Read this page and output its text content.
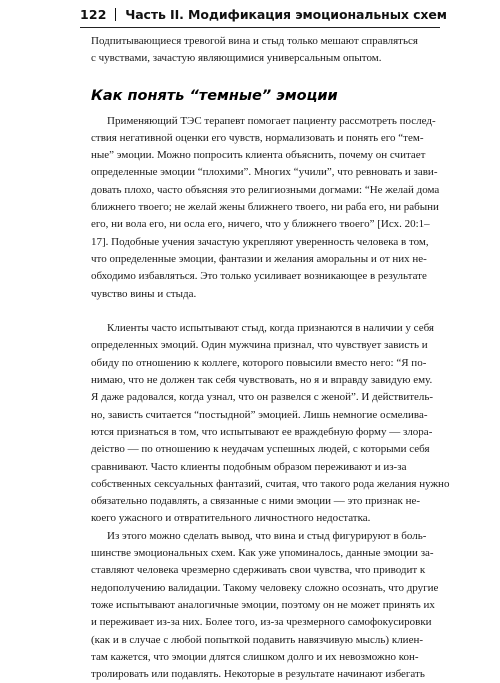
122 Часть II. Модификация эмоциональных схем
Подпитывающиеся тревогой вина и стыд только мешают справляться
с чувствами, зачастую являющимися универсальным опытом.
Как понять “темные” эмоции
Применяющий ТЭС терапевт помогает пациенту рассмотреть послед-
ствия негативной оценки его чувств, нормализовать и понять его “тем-
ные” эмоции. Можно попросить клиента объяснить, почему он считает
определенные эмоции “плохими”. Многих “учили”, что ревновать и зави-
довать плохо, часто объясняя это религиозными догмами: “Не желай дома
ближнего твоего; не желай жены ближнего твоего, ни раба его, ни рабыни
его, ни вола его, ни осла его, ничего, что у ближнего твоего” [Исх. 20:1–
17]. Подобные учения зачастую укрепляют уверенность человека в том,
что определенные эмоции, фантазии и желания аморальны и от них не-
обходимо избавляться. Это только усиливает возникающее в результате
чувство вины и стыда.
Клиенты часто испытывают стыд, когда признаются в наличии у себя
определенных эмоций. Один мужчина признал, что чувствует зависть и
обиду по отношению к коллеге, которого повысили вместо него: “Я по-
нимаю, что не должен так себя чувствовать, но я и вправду завидую ему.
Я даже радовался, когда узнал, что он развелся с женой”. И действитель-
но, зависть считается “постыдной” эмоцией. Лишь немногие осмелива-
ются признаться в том, что испытывают ее враждебную форму — злора-
дeiство — по отношению к неудачам успешных людей, с которыми себя
сравнивают. Часто клиенты подобным образом переживают и из-за
собственных сексуальных фантазий, считая, что такого рода желания нужно
обязательно подавлять, а связанные с ними эмоции — это признак не-
коего ужасного и отвратительного личностного недостатка.
Из этого можно сделать вывод, что вина и стыд фигурируют в боль-
шинстве эмоциональных схем. Как уже упоминалось, данные эмоции за-
ставляют человека чрезмерно сдерживать свои чувства, что приводит к
недополучению валидации. Такому человеку сложно осознать, что другие
тоже испытывают аналогичные эмоции, поэтому он не может принять их
и переживает из-за них. Более того, из-за чрезмерного самофокусировки
(как и в случае с любой попыткой подавить навязчивую мысль) клиен-
там кажется, что эмоции длятся слишком долго и их невозможно кон-
тролировать или подавлять. Некоторые в результате начинают избегать
